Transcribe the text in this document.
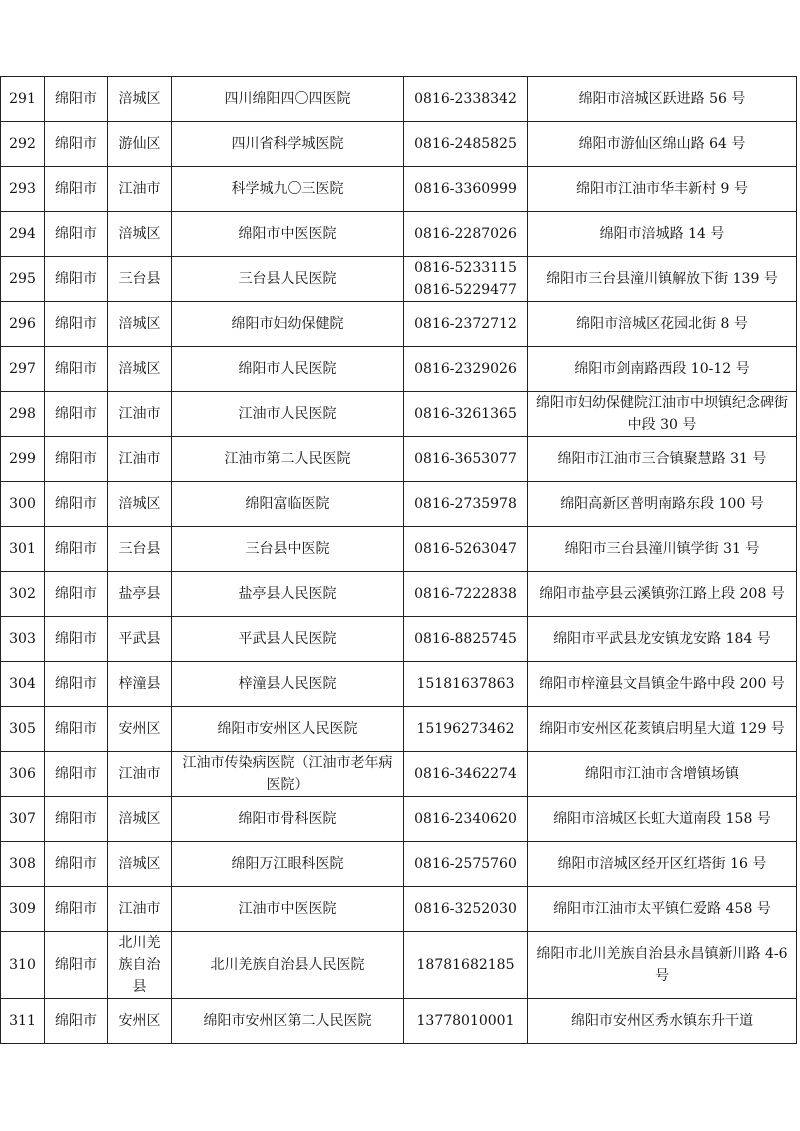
291	绵阳市	涪城区	四川绵阳四〇四医院	0816-2338342	绵阳市涪城区跃进路 56 号
292	绵阳市	游仙区	四川省科学城医院	0816-2485825	绵阳市游仙区绵山路 64 号
293	绵阳市	江油市	科学城九〇三医院	0816-3360999	绵阳市江油市华丰新村 9 号
294	绵阳市	涪城区	绵阳市中医医院	0816-2287026	绵阳市涪城路 14 号
295	绵阳市	三台县	三台县人民医院	0816-5233115 0816-5229477	绵阳市三台县潼川镇解放下街 139 号
296	绵阳市	涪城区	绵阳市妇幼保健院	0816-2372712	绵阳市涪城区花园北街 8 号
297	绵阳市	涪城区	绵阳市人民医院	0816-2329026	绵阳市剑南路西段 10-12 号
298	绵阳市	江油市	江油市人民医院	0816-3261365	绵阳市妇幼保健院江油市中坝镇纪念碑街中段 30 号
299	绵阳市	江油市	江油市第二人民医院	0816-3653077	绵阳市江油市三合镇聚慧路 31 号
300	绵阳市	涪城区	绵阳富临医院	0816-2735978	绵阳高新区普明南路东段 100 号
301	绵阳市	三台县	三台县中医院	0816-5263047	绵阳市三台县潼川镇学街 31 号
302	绵阳市	盐亭县	盐亭县人民医院	0816-7222838	绵阳市盐亭县云溪镇弥江路上段 208 号
303	绵阳市	平武县	平武县人民医院	0816-8825745	绵阳市平武县龙安镇龙安路 184 号
304	绵阳市	梓潼县	梓潼县人民医院	15181637863	绵阳市梓潼县文昌镇金牛路中段 200 号
305	绵阳市	安州区	绵阳市安州区人民医院	15196273462	绵阳市安州区花荄镇启明星大道 129 号
306	绵阳市	江油市	江油市传染病医院（江油市老年病医院）	0816-3462274	绵阳市江油市含增镇场镇
307	绵阳市	涪城区	绵阳市骨科医院	0816-2340620	绵阳市涪城区长虹大道南段 158 号
308	绵阳市	涪城区	绵阳万江眼科医院	0816-2575760	绵阳市涪城区经开区红塔街 16 号
309	绵阳市	江油市	江油市中医医院	0816-3252030	绵阳市江油市太平镇仁爱路 458 号
310	绵阳市	北川羌族自治县	北川羌族自治县人民医院	18781682185	绵阳市北川羌族自治县永昌镇新川路 4-6 号
311	绵阳市	安州区	绵阳市安州区第二人民医院	13778010001	绵阳市安州区秀水镇东升干道
